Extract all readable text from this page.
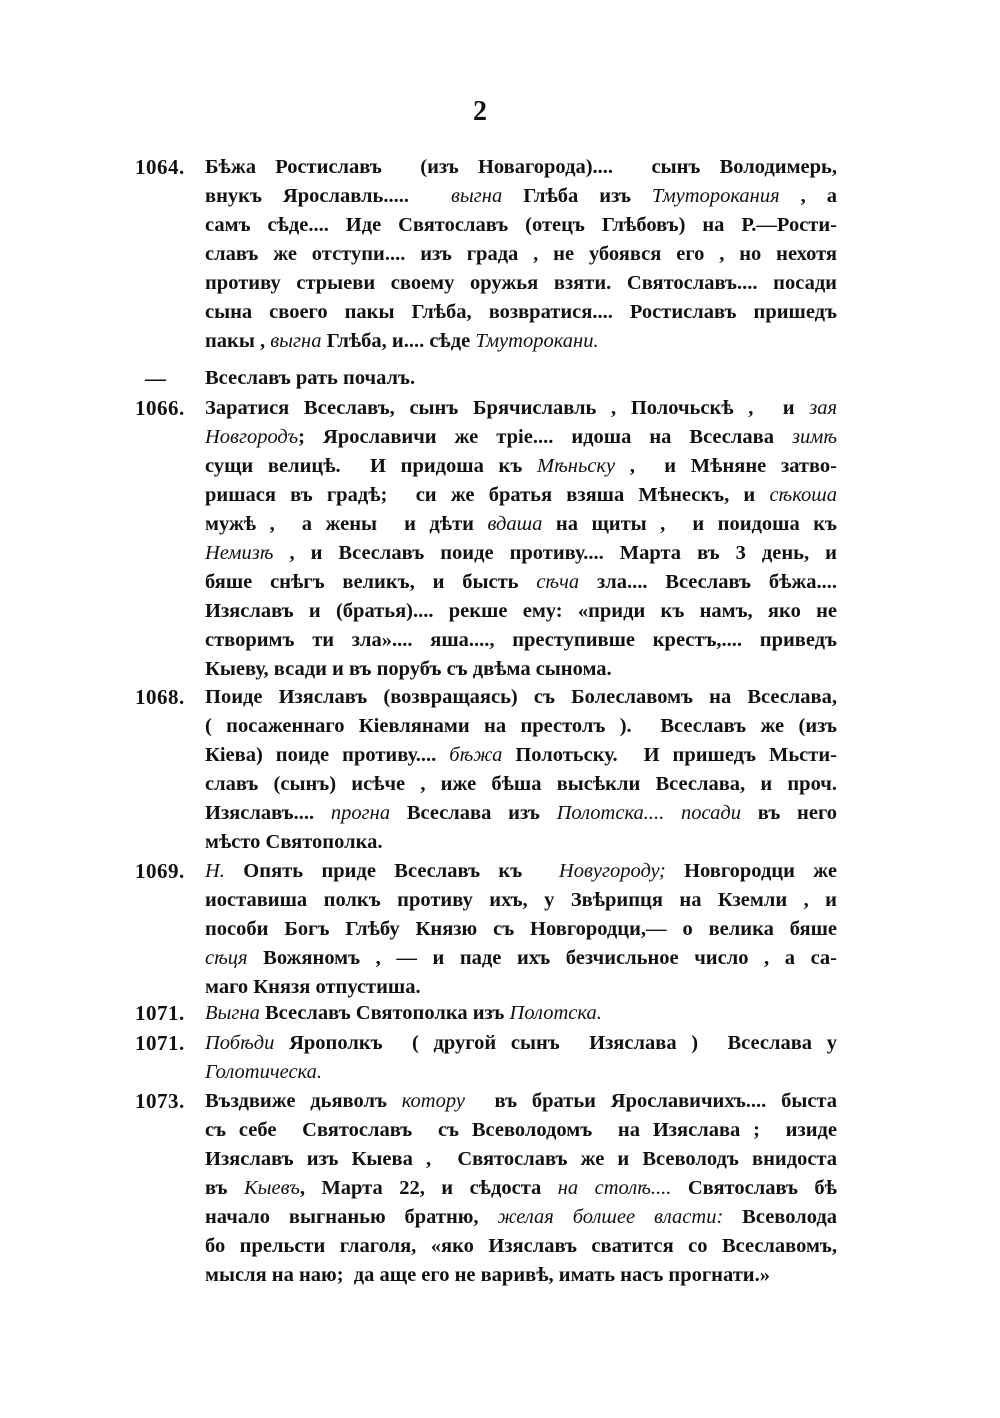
2
1064. Бѣжа Ростиславъ  (изъ Новагорода)....  сынъ Володимерь,
внукъ Ярославль.....  выгна Глѣба изъ Тмуторокания , а
самъ сѣде.... Иде Святославъ (отецъ Глѣбовъ) на Р.—Рости-
славъ же отступи.... изъ града , не убоявся его , но нехотя
противу стрыеви своему оружья взяти. Святославъ.... посади
сына своего пакы Глѣба, возвратися.... Ростиславъ пришедъ
пакы , выгна Глѣба, и.... сѣде Тмуторокани.
— Всеславъ рать почалъ.
1066. Заратися Всеславъ, сынъ Брячиславль , Полочьскѣ ,  и зая
Новгородъ; Ярославичи же тріе.... идоша на Всеслава зимѣ
сущи велицѣ.  И придоша къ Мѣньску ,  и Мѣняне затво-
ришася въ градѣ;  си же братья взяша Мѣнескъ, и сѣкоша
мужѣ ,  а жены  и дѣти вдаша на щиты ,  и поидоша къ
Немизѣ , и Всеславъ поиде противу.... Марта въ 3 день, и
бяше снѣгъ великъ, и бысть сѣча зла.... Всеславъ бѣжа....
Изяславъ и (братья).... рекше ему: «приди къ намъ, яко не
створимъ ти зла».... яша...., преступивше крестъ,.... приведъ
Кыеву, всади и въ порубъ съ двѣма сынома.
1068. Поиде Изяславъ (возвращаясь) съ Болеславомъ на Всеслава,
( посаженнаго Кіевлянами на престолъ ).  Всеславъ же (изъ
Кіева) поиде противу.... бѣжа Полотьску.  И пришедъ Мьсти-
славъ (сынъ) исѣче , иже бѣша высѣкли Всеслава, и проч.
Изяславъ.... прогна Всеслава изъ Полотска.... посади въ него
мѣсто Святополка.
1069. Н. Опять приде Всеславъ къ  Новугороду; Новгородци же
иоставиша полкъ противу ихъ, у Звѣрипця на Кземли , и
пособи Богъ Глѣбу Князю съ Новгородци,— о велика бяше
сѣця Вожяномъ , — и паде ихъ безчисльное число , а са-
маго Князя отпустиша.
1071. Выгна Всеславъ Святополка изъ Полотска.
1071. Побѣди Ярополкъ  ( другой сынъ  Изяслава )  Всеслава у
Голотическа.
1073. Въздвиже дьяволъ котору  въ братьи Ярославичихъ.... быста
съ себе  Святославъ  съ Всеволодомъ  на Изяслава ;  изиде
Изяславъ изъ Кыева ,  Святославъ же и Всеволодъ внидоста
въ Кыевъ, Марта 22, и сѣдоста на столѣ.... Святославъ бѣ
начало выгнанью братню, желая болшее власти: Всеволода
бо прельсти глаголя, «яко Изяславъ сватится со Всеславомъ,
мысля на наю;  да аще его не варивѣ, имать насъ прогнати.»
